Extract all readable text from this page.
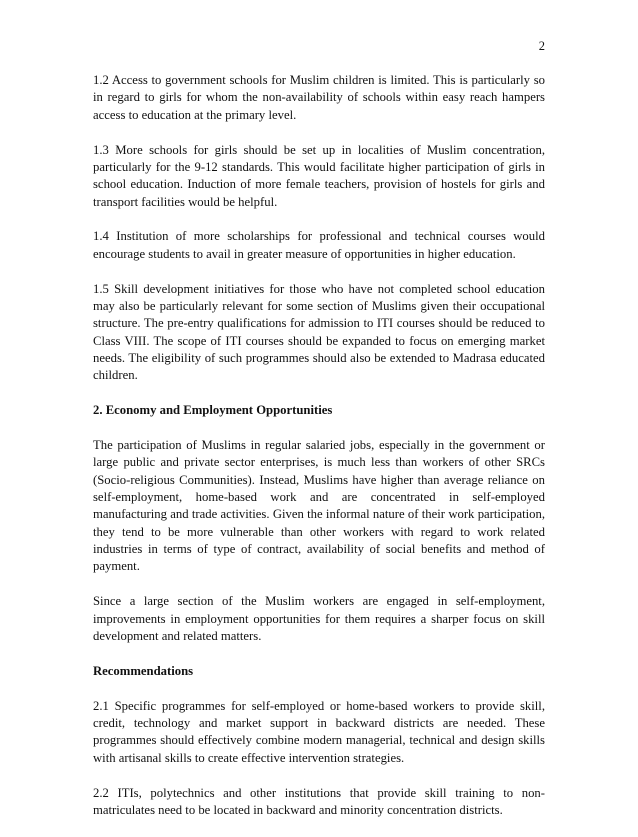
2

1.2 Access to government schools for Muslim children is limited. This is particularly so in regard to girls for whom the non-availability of schools within easy reach hampers access to education at the primary level.

1.3 More schools for girls should be set up in localities of Muslim concentration, particularly for the 9-12 standards. This would facilitate higher participation of girls in school education. Induction of more female teachers, provision of hostels for girls and transport facilities would be helpful.

1.4 Institution of more scholarships for professional and technical courses would encourage students to avail in greater measure of opportunities in higher education.

1.5 Skill development initiatives for those who have not completed school education may also be particularly relevant for some section of Muslims given their occupational structure. The pre-entry qualifications for admission to ITI courses should be reduced to Class VIII. The scope of ITI courses should be expanded to focus on emerging market needs. The eligibility of such programmes should also be extended to Madrasa educated children.

2. Economy and Employment Opportunities

The participation of Muslims in regular salaried jobs, especially in the government or large public and private sector enterprises, is much less than workers of other SRCs (Socio-religious Communities). Instead, Muslims have higher than average reliance on self-employment, home-based work and are concentrated in self-employed manufacturing and trade activities. Given the informal nature of their work participation, they tend to be more vulnerable than other workers with regard to work related industries in terms of type of contract, availability of social benefits and method of payment.

Since a large section of the Muslim workers are engaged in self-employment, improvements in employment opportunities for them requires a sharper focus on skill development and related matters.

Recommendations

2.1 Specific programmes for self-employed or home-based workers to provide skill, credit, technology and market support in backward districts are needed. These programmes should effectively combine modern managerial, technical and design skills with artisanal skills to create effective intervention strategies.

2.2 ITIs, polytechnics and other institutions that provide skill training to non-matriculates need to be located in backward and minority concentration districts.
